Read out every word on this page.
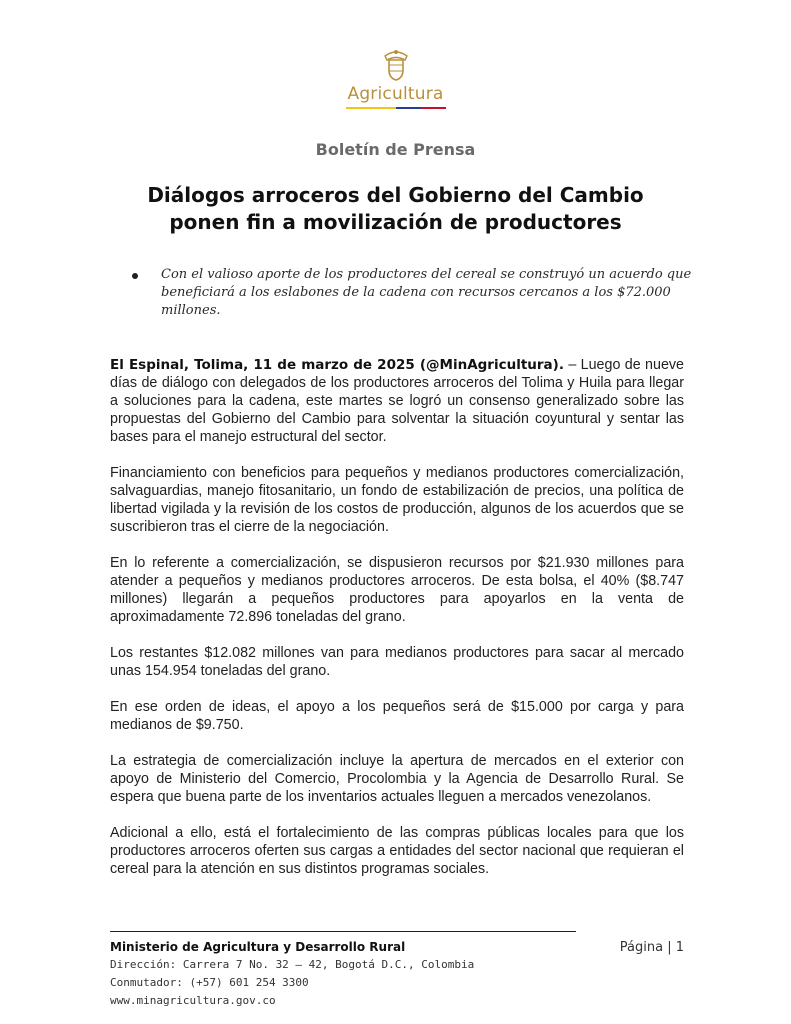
Agricultura
Boletín de Prensa
Diálogos arroceros del Gobierno del Cambio
ponen fin a movilización de productores
Con el valioso aporte de los productores del cereal se construyó un acuerdo que beneficiará a los eslabones de la cadena con recursos cercanos a los $72.000 millones.

El Espinal, Tolima, 11 de marzo de 2025 (@MinAgricultura). – Luego de nueve días de diálogo con delegados de los productores arroceros del Tolima y Huila para llegar a soluciones para la cadena, este martes se logró un consenso generalizado sobre las propuestas del Gobierno del Cambio para solventar la situación coyuntural y sentar las bases para el manejo estructural del sector.

Financiamiento con beneficios para pequeños y medianos productores comercialización, salvaguardias, manejo fitosanitario, un fondo de estabilización de precios, una política de libertad vigilada y la revisión de los costos de producción, algunos de los acuerdos que se suscribieron tras el cierre de la negociación.

En lo referente a comercialización, se dispusieron recursos por $21.930 millones para atender a pequeños y medianos productores arroceros. De esta bolsa, el 40% ($8.747 millones) llegarán a pequeños productores para apoyarlos en la venta de aproximadamente 72.896 toneladas del grano.

Los restantes $12.082 millones van para medianos productores para sacar al mercado unas 154.954 toneladas del grano.

En ese orden de ideas, el apoyo a los pequeños será de $15.000 por carga y para medianos de $9.750.

La estrategia de comercialización incluye la apertura de mercados en el exterior con apoyo de Ministerio del Comercio, Procolombia y la Agencia de Desarrollo Rural. Se espera que buena parte de los inventarios actuales lleguen a mercados venezolanos.

Adicional a ello, está el fortalecimiento de las compras públicas locales para que los productores arroceros oferten sus cargas a entidades del sector nacional que requieran el cereal para la atención en sus distintos programas sociales.

Ministerio de Agricultura y Desarrollo Rural
Dirección: Carrera 7 No. 32 – 42, Bogotá D.C., Colombia
Conmutador: (+57) 601 254 3300
www.minagricultura.gov.co
Página | 1
